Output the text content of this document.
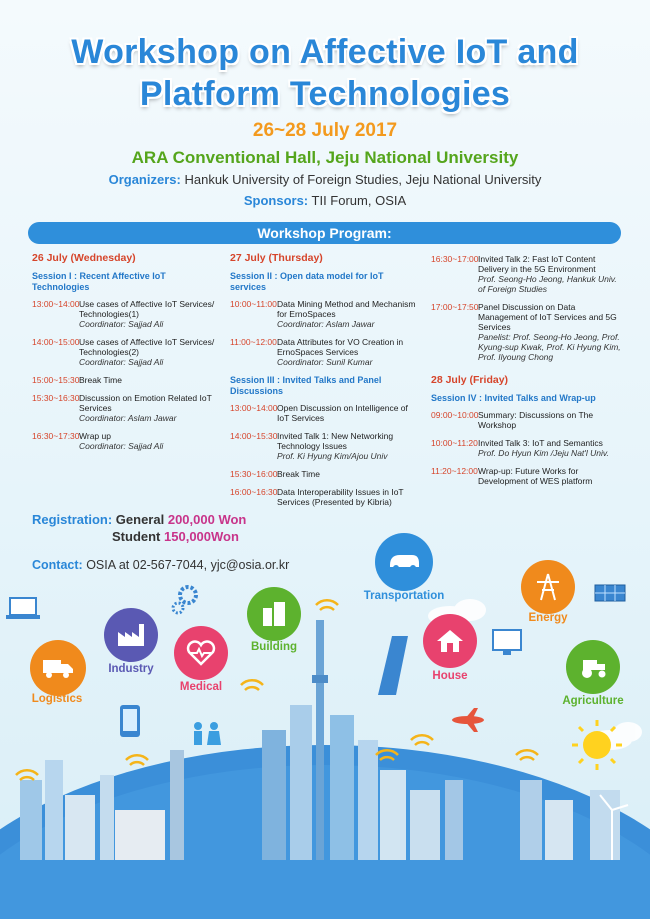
Workshop on Affective IoT and
Platform Technologies
26~28 July 2017
ARA Conventional Hall, Jeju National University
Organizers: Hankuk University of Foreign Studies, Jeju National University
Sponsors: TII Forum, OSIA
Workshop Program:
26 July (Wednesday)
Session I : Recent Affective IoT Technologies
13:00~14:00 Use cases of Affective IoT Services/ Technologies(1)
Coordinator: Sajjad Ali
14:00~15:00 Use cases of Affective IoT Services/ Technologies(2)
Coordinator: Sajjad Ali
15:00~15:30 Break Time
15:30~16:30 Discussion on Emotion Related IoT Services
Coordinator: Aslam Jawar
16:30~17:30 Wrap up
Coordinator: Sajjad Ali
27 July (Thursday)
Session II : Open data model for IoT services
10:00~11:00 Data Mining Method and Mechanism for ErnoSpaces
Coordinator: Aslam Jawar
11:00~12:00 Data Attributes for VO Creation in ErnoSpaces Services
Coordinator: Sunil Kumar
Session III : Invited Talks and Panel Discussions
13:00~14:00 Open Discussion on Intelligence of IoT Services
14:00~15:30 Invited Talk 1: New Networking Technology Issues
Prof. Ki Hyung Kim/Ajou Univ
15:30~16:00 Break Time
16:00~16:30 Data Interoperability Issues in IoT Services (Presented by Kibria)
16:30~17:00 Invited Talk 2: Fast IoT Content Delivery in the 5G Environment
Prof. Seong-Ho Jeong, Hankuk Univ. of Foreign Studies
17:00~17:50 Panel Discussion on Data Management of IoT Services and 5G Services
Panelist: Prof. Seong-Ho Jeong, Prof. Kyung-sup Kwak, Prof. Ki Hyung Kim, Prof. Ilyoung Chong
28 July (Friday)
Session IV : Invited Talks and Wrap-up
09:00~10:00 Summary: Discussions on The Workshop
10:00~11:20 Invited Talk 3: IoT and Semantics
Prof. Do Hyun Kim /Jeju Nat'l Univ.
11:20~12:00 Wrap-up: Future Works for Development of WES platform
Registration: General 200,000 Won
Student 150,000Won
Contact: OSIA at 02-567-7044, yjc@osia.or.kr
Logistics
Industry
Medical
Building
Transportation
House
Energy
Agriculture
